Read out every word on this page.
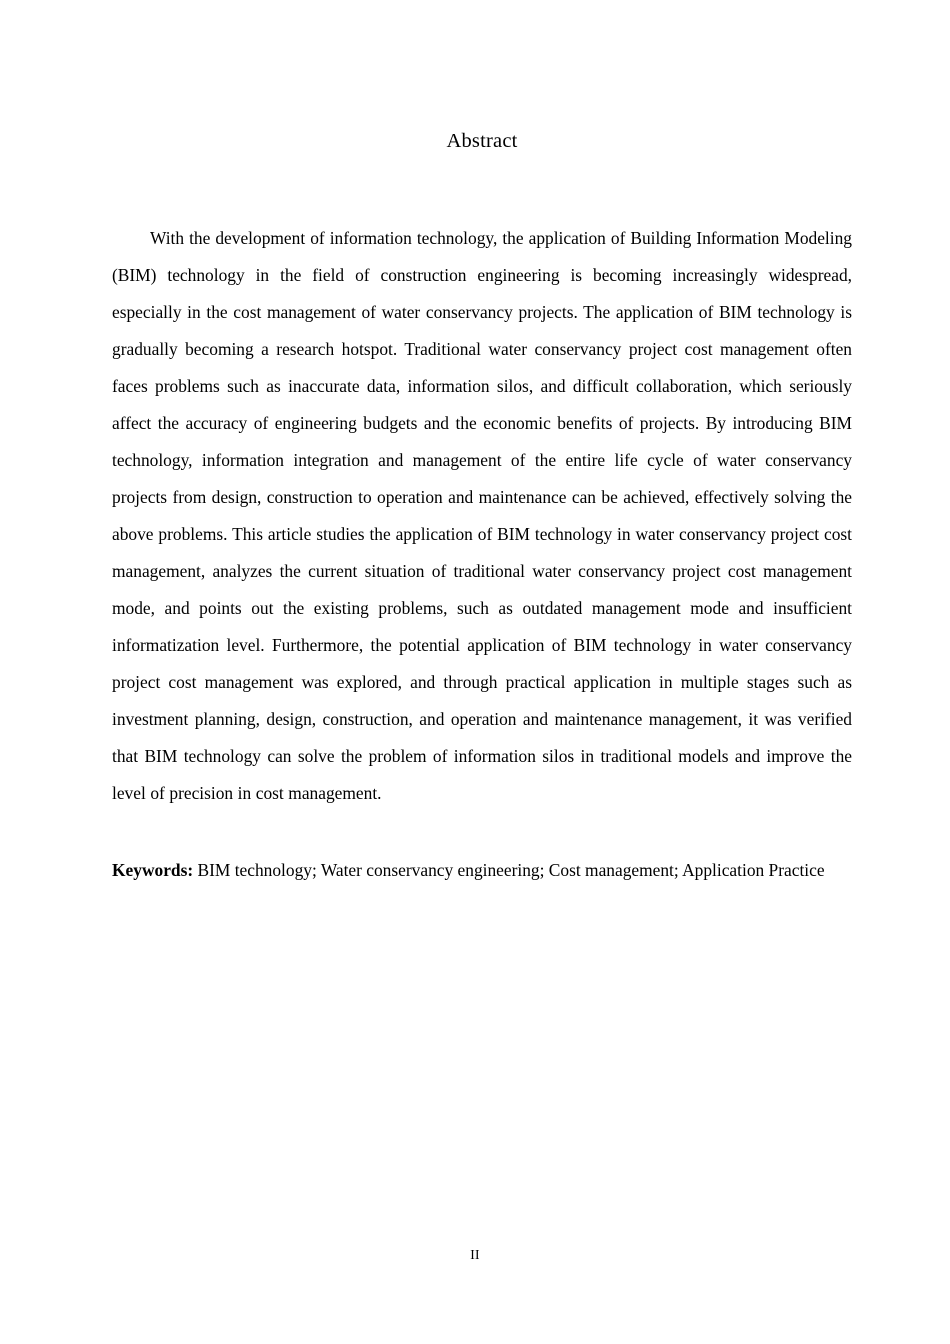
Abstract

With the development of information technology, the application of Building Information Modeling (BIM) technology in the field of construction engineering is becoming increasingly widespread, especially in the cost management of water conservancy projects. The application of BIM technology is gradually becoming a research hotspot. Traditional water conservancy project cost management often faces problems such as inaccurate data, information silos, and difficult collaboration, which seriously affect the accuracy of engineering budgets and the economic benefits of projects. By introducing BIM technology, information integration and management of the entire life cycle of water conservancy projects from design, construction to operation and maintenance can be achieved, effectively solving the above problems. This article studies the application of BIM technology in water conservancy project cost management, analyzes the current situation of traditional water conservancy project cost management mode, and points out the existing problems, such as outdated management mode and insufficient informatization level. Furthermore, the potential application of BIM technology in water conservancy project cost management was explored, and through practical application in multiple stages such as investment planning, design, construction, and operation and maintenance management, it was verified that BIM technology can solve the problem of information silos in traditional models and improve the level of precision in cost management.

Keywords: BIM technology; Water conservancy engineering; Cost management; Application Practice

II
